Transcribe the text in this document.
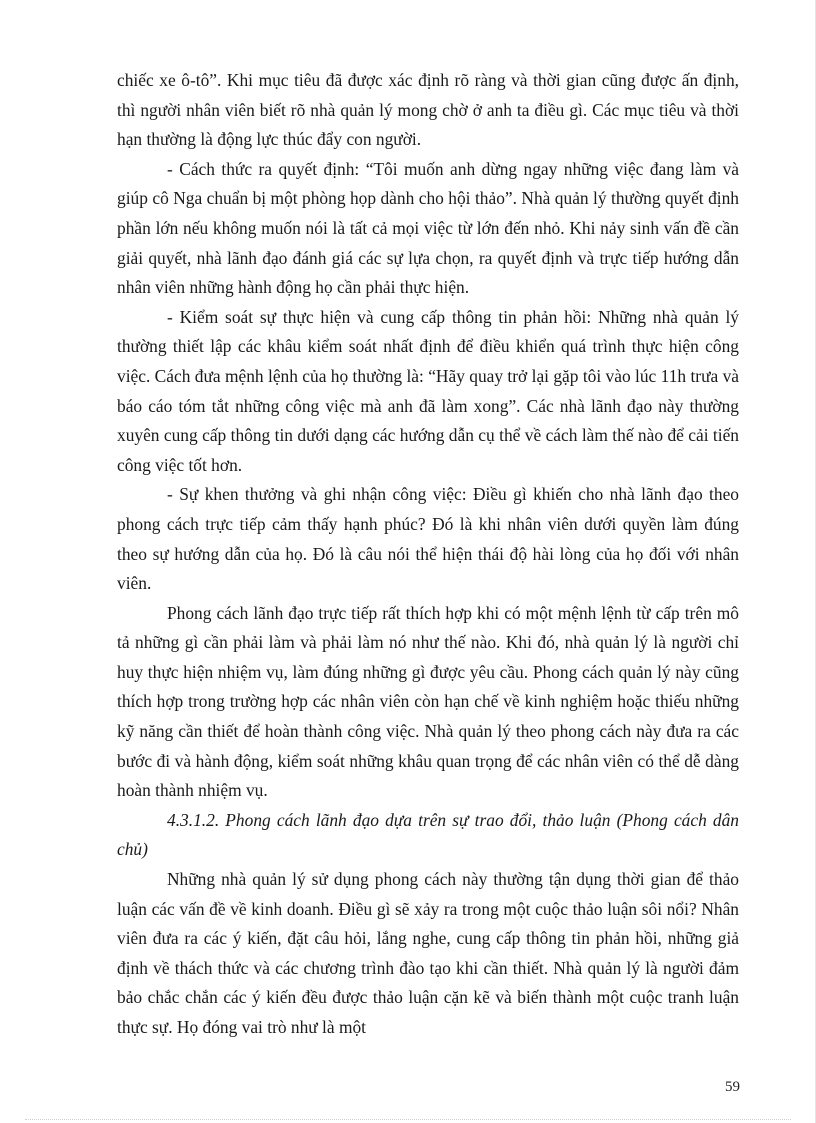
chiếc xe ô-tô”. Khi mục tiêu đã được xác định rõ ràng và thời gian cũng được ấn định, thì người nhân viên biết rõ nhà quản lý mong chờ ở anh ta điều gì. Các mục tiêu và thời hạn thường là động lực thúc đẩy con người.

- Cách thức ra quyết định: “Tôi muốn anh dừng ngay những việc đang làm và giúp cô Nga chuẩn bị một phòng họp dành cho hội thảo”. Nhà quản lý thường quyết định phần lớn nếu không muốn nói là tất cả mọi việc từ lớn đến nhỏ. Khi nảy sinh vấn đề cần giải quyết, nhà lãnh đạo đánh giá các sự lựa chọn, ra quyết định và trực tiếp hướng dẫn nhân viên những hành động họ cần phải thực hiện.

- Kiểm soát sự thực hiện và cung cấp thông tin phản hồi: Những nhà quản lý thường thiết lập các khâu kiểm soát nhất định để điều khiển quá trình thực hiện công việc. Cách đưa mệnh lệnh của họ thường là: “Hãy quay trở lại gặp tôi vào lúc 11h trưa và báo cáo tóm tắt những công việc mà anh đã làm xong”. Các nhà lãnh đạo này thường xuyên cung cấp thông tin dưới dạng các hướng dẫn cụ thể về cách làm thế nào để cải tiến công việc tốt hơn.

- Sự khen thưởng và ghi nhận công việc: Điều gì khiến cho nhà lãnh đạo theo phong cách trực tiếp cảm thấy hạnh phúc? Đó là khi nhân viên dưới quyền làm đúng theo sự hướng dẫn của họ. Đó là câu nói thể hiện thái độ hài lòng của họ đối với nhân viên.

Phong cách lãnh đạo trực tiếp rất thích hợp khi có một mệnh lệnh từ cấp trên mô tả những gì cần phải làm và phải làm nó như thế nào. Khi đó, nhà quản lý là người chỉ huy thực hiện nhiệm vụ, làm đúng những gì được yêu cầu. Phong cách quản lý này cũng thích hợp trong trường hợp các nhân viên còn hạn chế về kinh nghiệm hoặc thiếu những kỹ năng cần thiết để hoàn thành công việc. Nhà quản lý theo phong cách này đưa ra các bước đi và hành động, kiểm soát những khâu quan trọng để các nhân viên có thể dễ dàng hoàn thành nhiệm vụ.

4.3.1.2. Phong cách lãnh đạo dựa trên sự trao đổi, thảo luận (Phong cách dân chủ)

Những nhà quản lý sử dụng phong cách này thường tận dụng thời gian để thảo luận các vấn đề về kinh doanh. Điều gì sẽ xảy ra trong một cuộc thảo luận sôi nổi? Nhân viên đưa ra các ý kiến, đặt câu hỏi, lắng nghe, cung cấp thông tin phản hồi, những giả định về thách thức và các chương trình đào tạo khi cần thiết. Nhà quản lý là người đảm bảo chắc chắn các ý kiến đều được thảo luận cặn kẽ và biến thành một cuộc tranh luận thực sự. Họ đóng vai trò như là một

59
